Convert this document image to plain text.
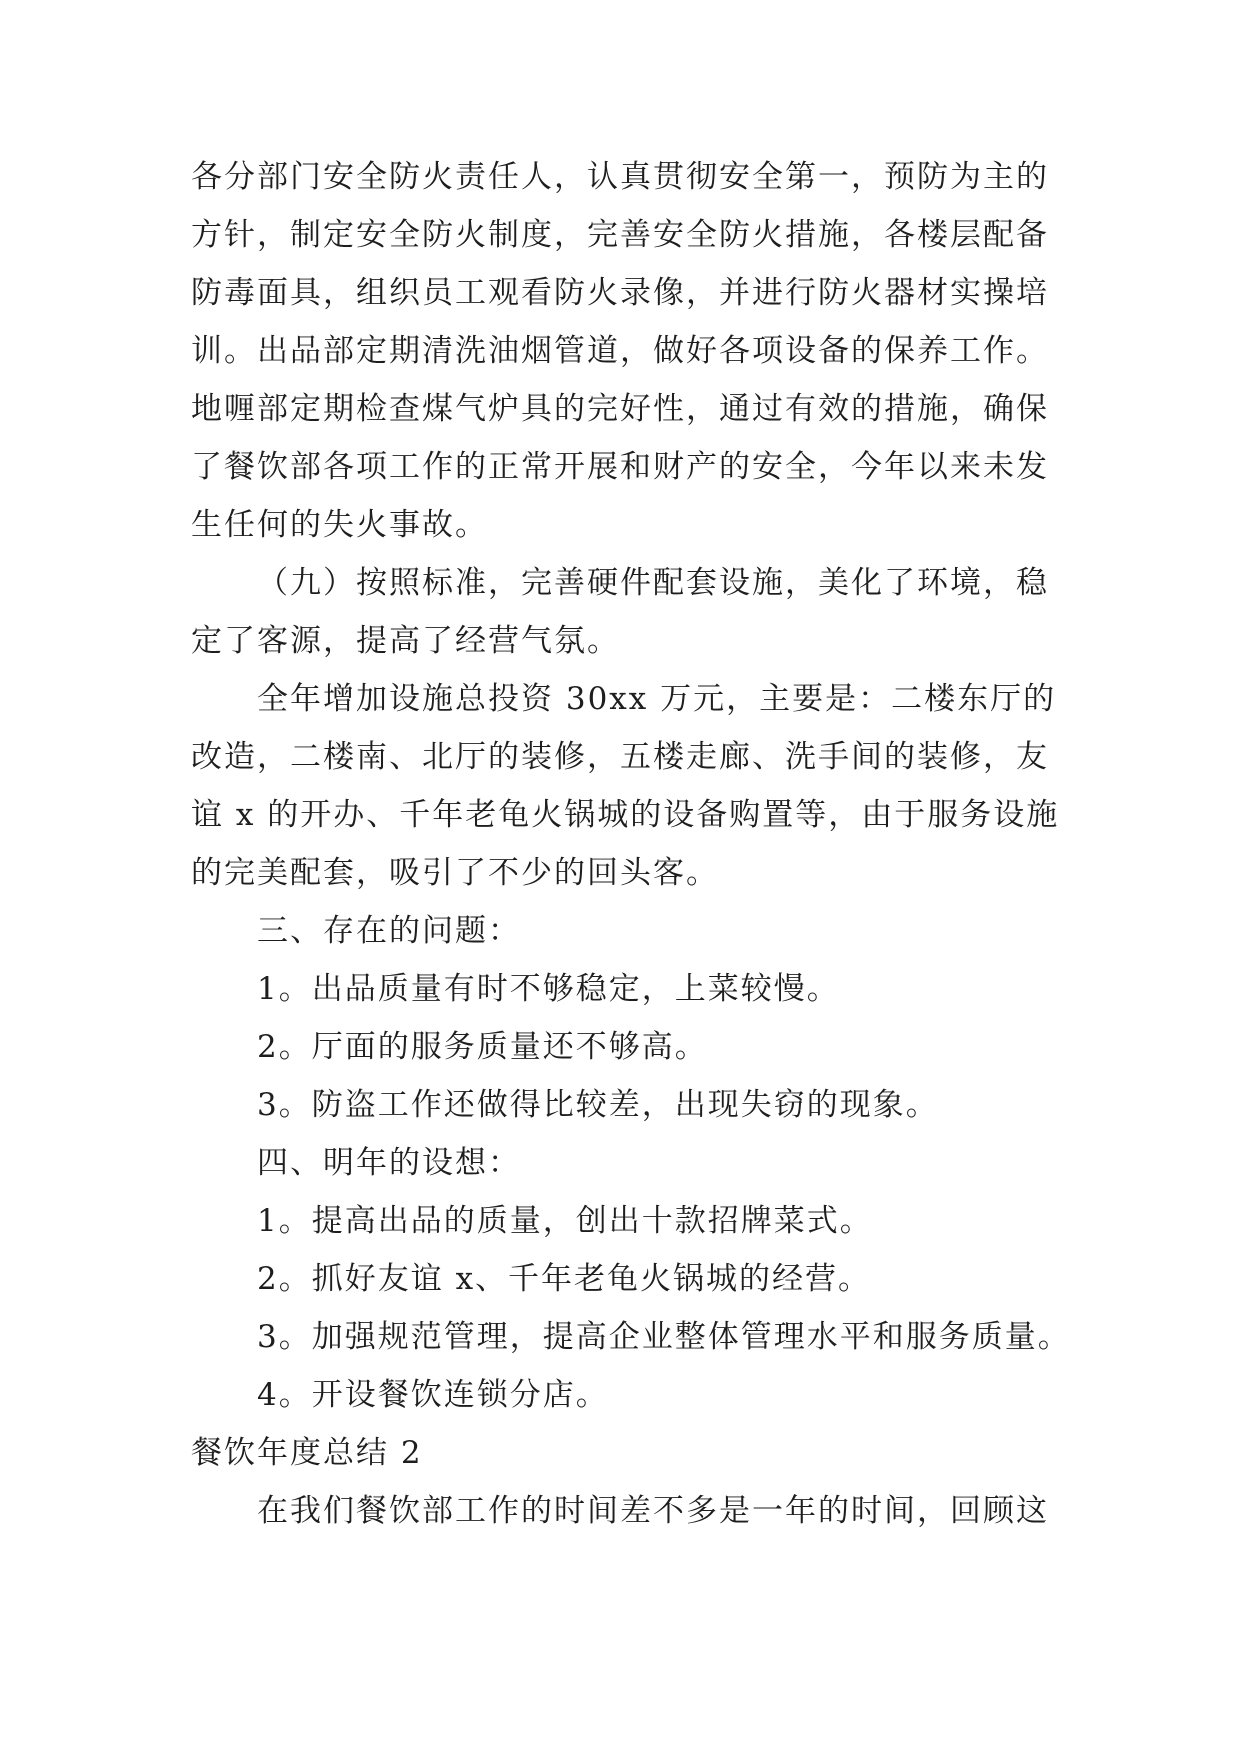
各分部门安全防火责任人，认真贯彻安全第一，预防为主的
方针，制定安全防火制度，完善安全防火措施，各楼层配备
防毒面具，组织员工观看防火录像，并进行防火器材实操培
训。出品部定期清洗油烟管道，做好各项设备的保养工作。
地喱部定期检查煤气炉具的完好性，通过有效的措施，确保
了餐饮部各项工作的正常开展和财产的安全，今年以来未发
生任何的失火事故。
（九）按照标准，完善硬件配套设施，美化了环境，稳
定了客源，提高了经营气氛。
全年增加设施总投资 30xx 万元，主要是：二楼东厅的
改造，二楼南、北厅的装修，五楼走廊、洗手间的装修，友
谊 x 的开办、千年老龟火锅城的设备购置等，由于服务设施
的完美配套，吸引了不少的回头客。
三、存在的问题：
1。出品质量有时不够稳定，上菜较慢。
2。厅面的服务质量还不够高。
3。防盗工作还做得比较差，出现失窃的现象。
四、明年的设想：
1。提高出品的质量，创出十款招牌菜式。
2。抓好友谊 x、千年老龟火锅城的经营。
3。加强规范管理，提高企业整体管理水平和服务质量。
4。开设餐饮连锁分店。
餐饮年度总结 2
在我们餐饮部工作的时间差不多是一年的时间，回顾这
